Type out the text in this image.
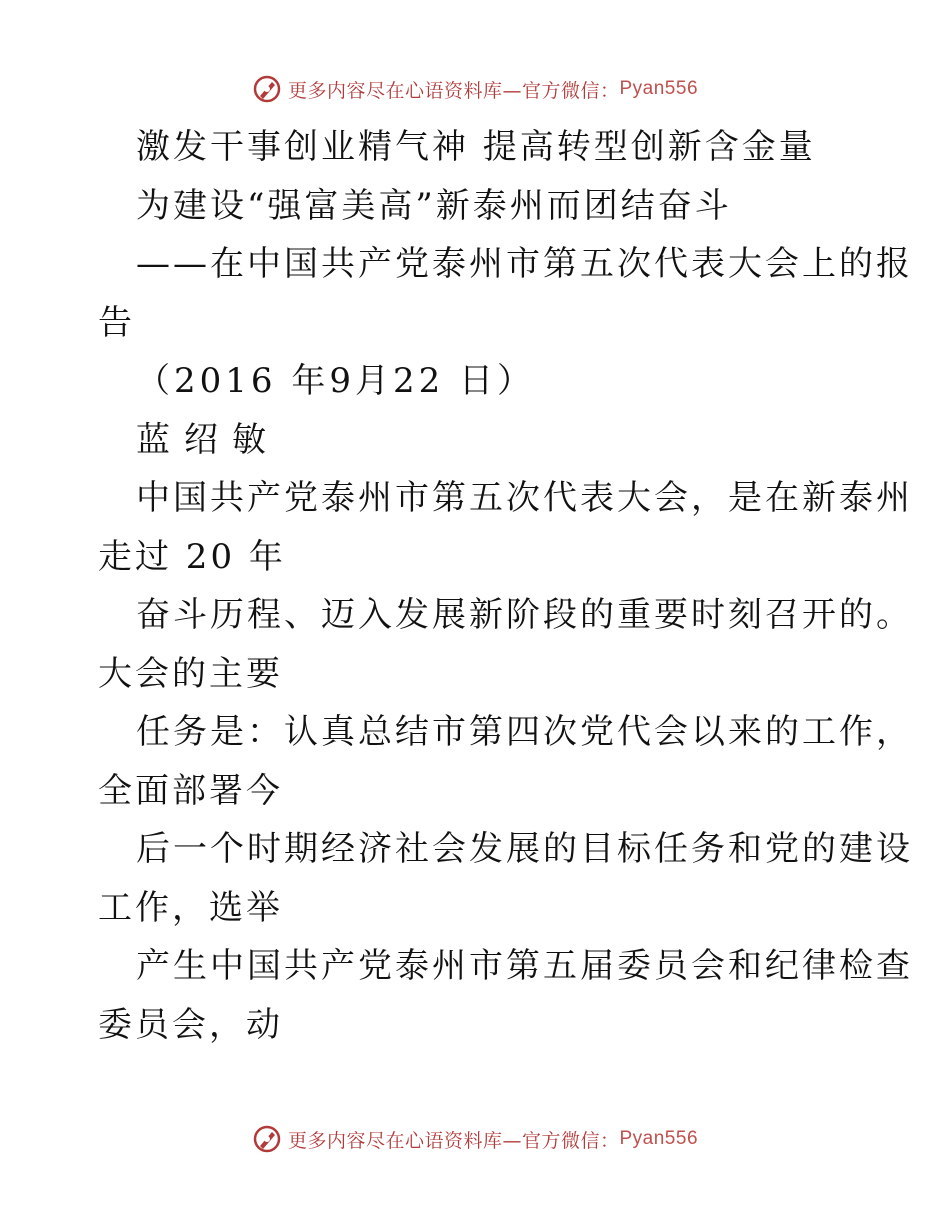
更多内容尽在心语资料库—官方微信： Pyan556
激发干事创业精气神 提高转型创新含金量
为建设“强富美高”新泰州而团结奋斗
——在中国共产党泰州市第五次代表大会上的报
告
（2016 年9月22 日）
蓝绍敏
中国共产党泰州市第五次代表大会，是在新泰州
走过 20 年
奋斗历程、迈入发展新阶段的重要时刻召开的。
大会的主要
任务是：认真总结市第四次党代会以来的工作，
全面部署今
后一个时期经济社会发展的目标任务和党的建设
工作，选举
产生中国共产党泰州市第五届委员会和纪律检查
委员会，动
更多内容尽在心语资料库—官方微信： Pyan556
